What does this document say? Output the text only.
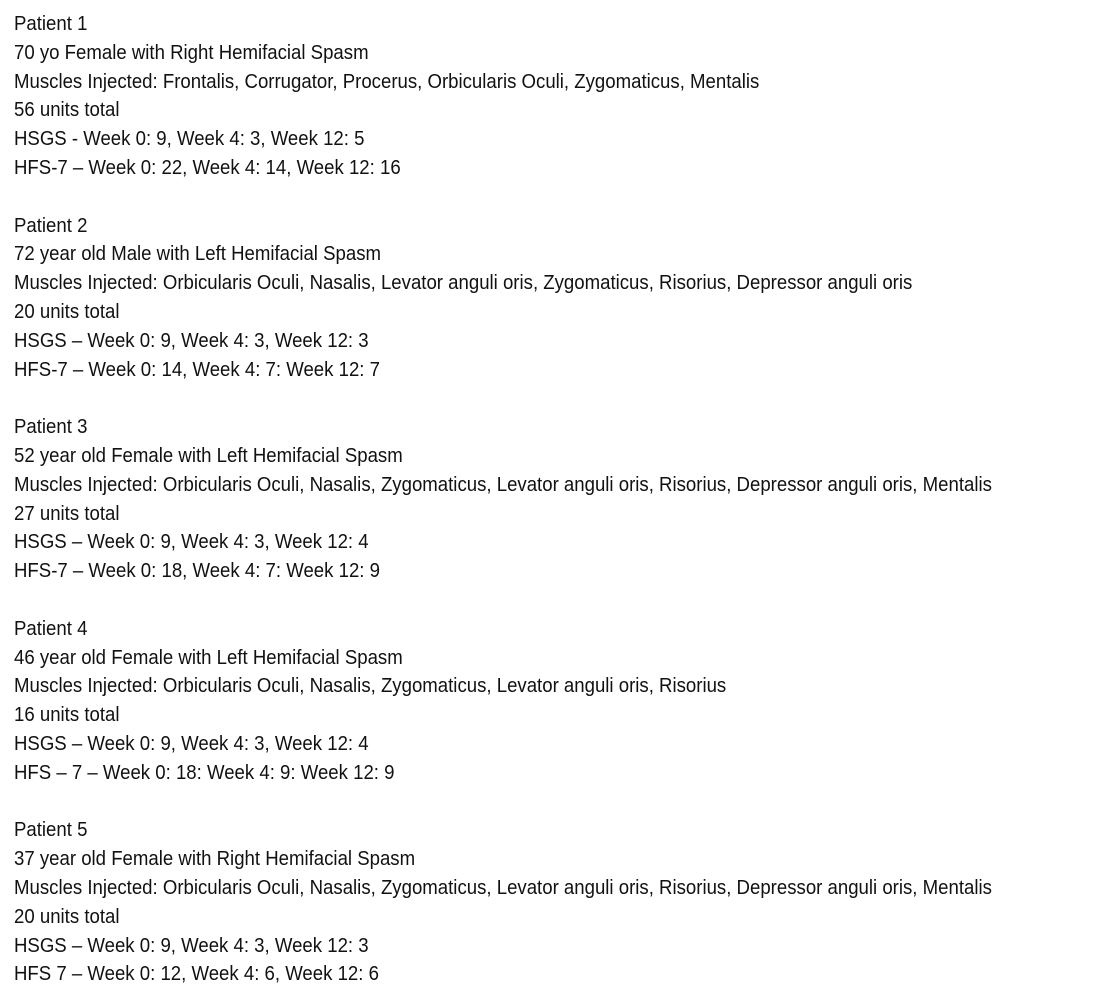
Patient 1
70 yo Female with Right Hemifacial Spasm
Muscles Injected: Frontalis, Corrugator, Procerus, Orbicularis Oculi, Zygomaticus, Mentalis
56 units total
HSGS - Week 0: 9, Week 4: 3, Week 12: 5
HFS-7 – Week 0: 22, Week 4: 14, Week 12: 16
Patient 2
72 year old Male with Left Hemifacial Spasm
Muscles Injected: Orbicularis Oculi, Nasalis, Levator anguli oris, Zygomaticus, Risorius, Depressor anguli oris
20 units total
HSGS – Week 0: 9, Week 4: 3, Week 12: 3
HFS-7 – Week 0: 14, Week 4: 7: Week 12: 7
Patient 3
52 year old Female with Left Hemifacial Spasm
Muscles Injected: Orbicularis Oculi, Nasalis, Zygomaticus, Levator anguli oris, Risorius, Depressor anguli oris, Mentalis
27 units total
HSGS – Week 0: 9, Week 4: 3, Week 12: 4
HFS-7 – Week 0: 18, Week 4: 7: Week 12: 9
Patient 4
46 year old Female with Left Hemifacial Spasm
Muscles Injected: Orbicularis Oculi, Nasalis, Zygomaticus, Levator anguli oris, Risorius
16 units total
HSGS – Week 0: 9, Week 4: 3, Week 12: 4
HFS – 7 – Week 0: 18: Week 4: 9: Week 12: 9
Patient 5
37 year old Female with Right Hemifacial Spasm
Muscles Injected: Orbicularis Oculi, Nasalis, Zygomaticus, Levator anguli oris, Risorius, Depressor anguli oris, Mentalis
20 units total
HSGS – Week 0: 9, Week 4: 3, Week 12: 3
HFS 7 – Week 0: 12, Week 4: 6, Week 12: 6
